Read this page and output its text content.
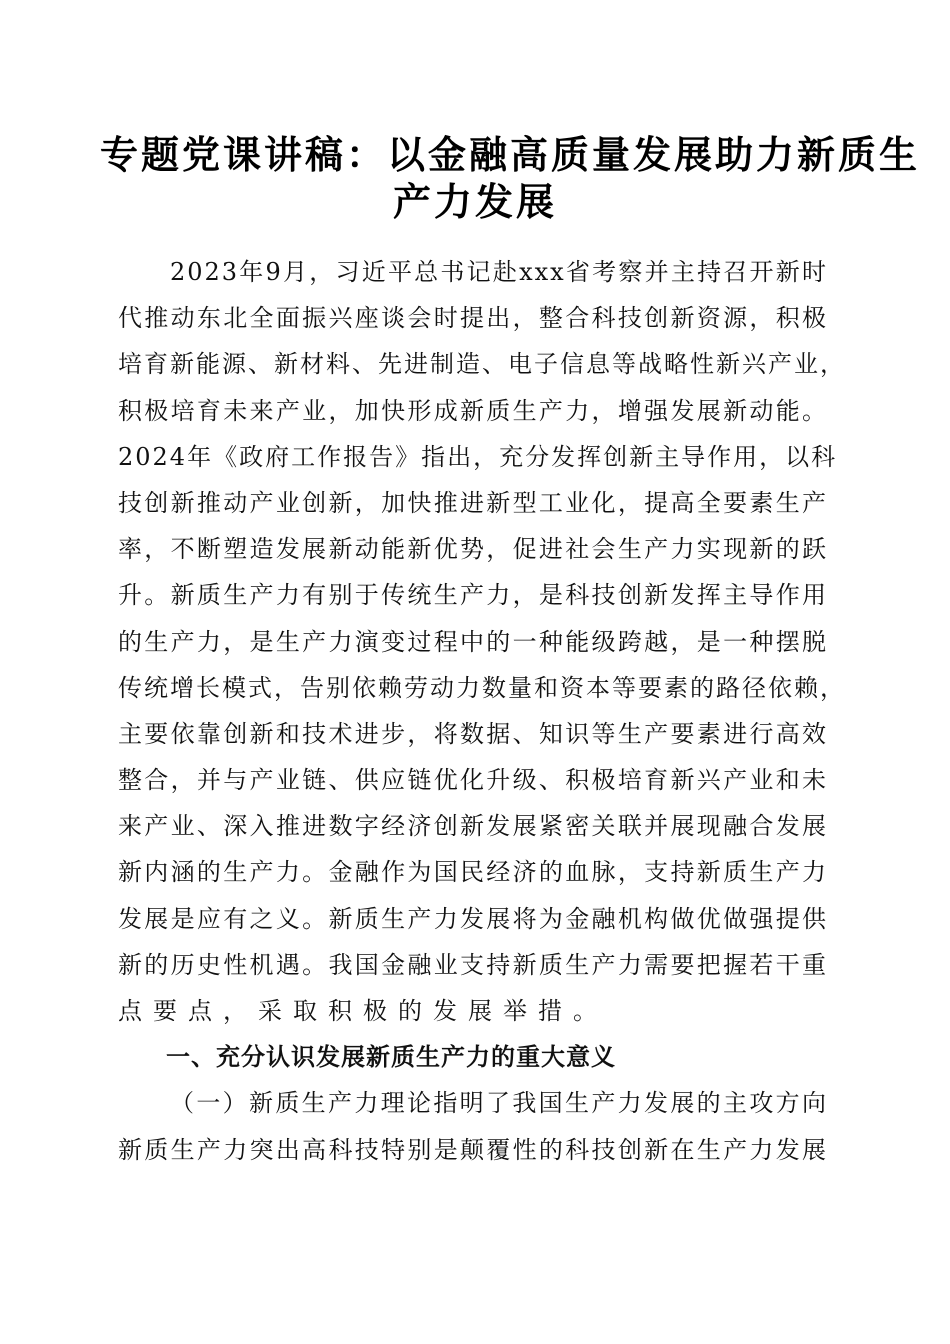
专题党课讲稿：以金融高质量发展助力新质生
产力发展
2023年9月，习近平总书记赴xxx省考察并主持召开新时
代推动东北全面振兴座谈会时提出，整合科技创新资源，积极
培育新能源、新材料、先进制造、电子信息等战略性新兴产业，
积极培育未来产业，加快形成新质生产力，增强发展新动能。
2024年《政府工作报告》指出，充分发挥创新主导作用，以科
技创新推动产业创新，加快推进新型工业化，提高全要素生产
率，不断塑造发展新动能新优势，促进社会生产力实现新的跃
升。新质生产力有别于传统生产力，是科技创新发挥主导作用
的生产力，是生产力演变过程中的一种能级跨越，是一种摆脱
传统增长模式，告别依赖劳动力数量和资本等要素的路径依赖，
主要依靠创新和技术进步，将数据、知识等生产要素进行高效
整合，并与产业链、供应链优化升级、积极培育新兴产业和未
来产业、深入推进数字经济创新发展紧密关联并展现融合发展
新内涵的生产力。金融作为国民经济的血脉，支持新质生产力
发展是应有之义。新质生产力发展将为金融机构做优做强提供
新的历史性机遇。我国金融业支持新质生产力需要把握若干重
点要点，采取积极的发展举措。
一、充分认识发展新质生产力的重大意义
（一）新质生产力理论指明了我国生产力发展的主攻方向
新质生产力突出高科技特别是颠覆性的科技创新在生产力发展
